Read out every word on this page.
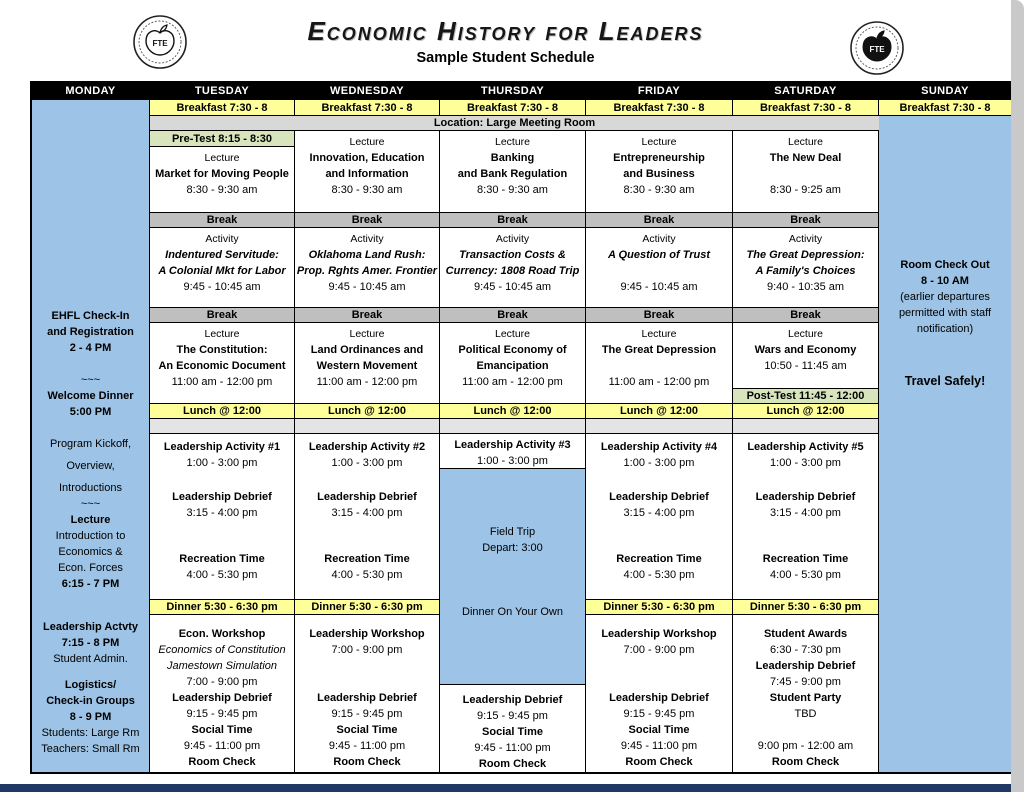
FTE	Economic History for Leaders
Sample Student Schedule
FTE
MONDAY
EHFL Check-In
and Registration
2 - 4 PM
~~~
Welcome Dinner
5:00 PM
Program Kickoff,
Overview,
Introductions
~~~
Lecture
Introduction to
Economics &
Econ. Forces
6:15 - 7 PM
Leadership Actvty
7:15 - 8 PM
Student Admin.
Logistics/
Check-in Groups
8 - 9 PM
Students: Large Rm
Teachers: Small Rm
TUESDAY
Breakfast 7:30 - 8
Pre-Test 8:15 - 8:30
Lecture
Market for Moving People
8:30 - 9:30 am
Break
Activity
Indentured Servitude:
A Colonial Mkt for Labor
9:45 - 10:45 am
Break
Lecture
The Constitution:
An Economic Document
11:00 am - 12:00 pm
Lunch @ 12:00
Leadership Activity #1
1:00 - 3:00 pm
Leadership Debrief
3:15 - 4:00 pm
Recreation Time
4:00 - 5:30 pm
Dinner 5:30 - 6:30 pm
Econ. Workshop
Economics of Constitution
Jamestown Simulation
7:00 - 9:00 pm
Leadership Debrief
9:15 - 9:45 pm
Social Time
9:45 - 11:00 pm
Room Check
WEDNESDAY
Breakfast 7:30 - 8
Lecture
Innovation, Education
and Information
8:30 - 9:30 am
Break
Activity
Oklahoma Land Rush:
Prop. Rghts Amer. Frontier
9:45 - 10:45 am
Break
Lecture
Land Ordinances and
Western Movement
11:00 am - 12:00 pm
Lunch @ 12:00
Leadership Activity #2
1:00 - 3:00 pm
Leadership Debrief
3:15 - 4:00 pm
Recreation Time
4:00 - 5:30 pm
Dinner 5:30 - 6:30 pm
Leadership Workshop
7:00 - 9:00 pm
Leadership Debrief
9:15 - 9:45 pm
Social Time
9:45 - 11:00 pm
Room Check
THURSDAY
Breakfast 7:30 - 8
Lecture
Banking
and Bank Regulation
8:30 - 9:30 am
Break
Activity
Transaction Costs &
Currency: 1808 Road Trip
9:45 - 10:45 am
Break
Lecture
Political Economy of
Emancipation
11:00 am - 12:00 pm
Lunch @ 12:00
Leadership Activity #3
1:00 - 3:00 pm
Field Trip
Depart: 3:00
Dinner On Your Own
Leadership Debrief
9:15 - 9:45 pm
Social Time
9:45 - 11:00 pm
Room Check
FRIDAY
Breakfast 7:30 - 8
Lecture
Entrepreneurship
and Business
8:30 - 9:30 am
Break
Activity
A Question of Trust
9:45 - 10:45 am
Break
Lecture
The Great Depression
11:00 am - 12:00 pm
Lunch @ 12:00
Leadership Activity #4
1:00 - 3:00 pm
Leadership Debrief
3:15 - 4:00 pm
Recreation Time
4:00 - 5:30 pm
Dinner 5:30 - 6:30 pm
Leadership Workshop
7:00 - 9:00 pm
Leadership Debrief
9:15 - 9:45 pm
Social Time
9:45 - 11:00 pm
Room Check
SATURDAY
Breakfast 7:30 - 8
Lecture
The New Deal
8:30 - 9:25 am
Break
Activity
The Great Depression:
A Family's Choices
9:40 - 10:35 am
Break
Lecture
Wars and Economy
10:50 - 11:45 am
Post-Test 11:45 - 12:00
Lunch @ 12:00
Leadership Activity #5
1:00 - 3:00 pm
Leadership Debrief
3:15 - 4:00 pm
Recreation Time
4:00 - 5:30 pm
Dinner 5:30 - 6:30 pm
Student Awards
6:30 - 7:30 pm
Leadership Debrief
7:45 - 9:00 pm
Student Party
TBD
9:00 pm - 12:00 am
Room Check
SUNDAY
Breakfast 7:30 - 8
Room Check Out
8 - 10 AM
(earlier departures
permitted with staff
notification)
Travel Safely!
Location: Large Meeting Room
